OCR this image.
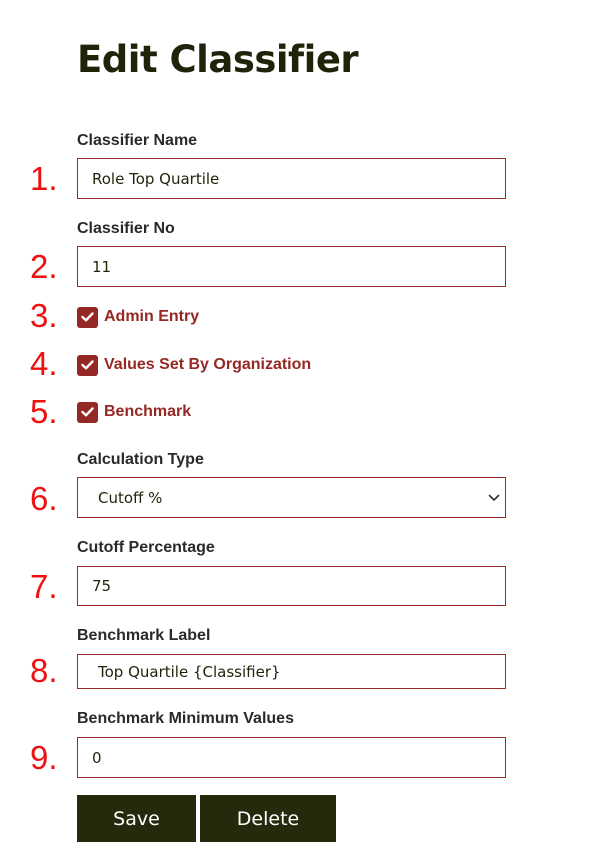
Edit Classifier
Classifier Name
1.	Role Top Quartile
Classifier No
2.	11
3.	Admin Entry
4.	Values Set By Organization
5.	Benchmark
Calculation Type
6.	Cutoff %
Cutoff Percentage
7.	75
Benchmark Label
8.	Top Quartile {Classifier}
Benchmark Minimum Values
9.	0
Save	Delete
